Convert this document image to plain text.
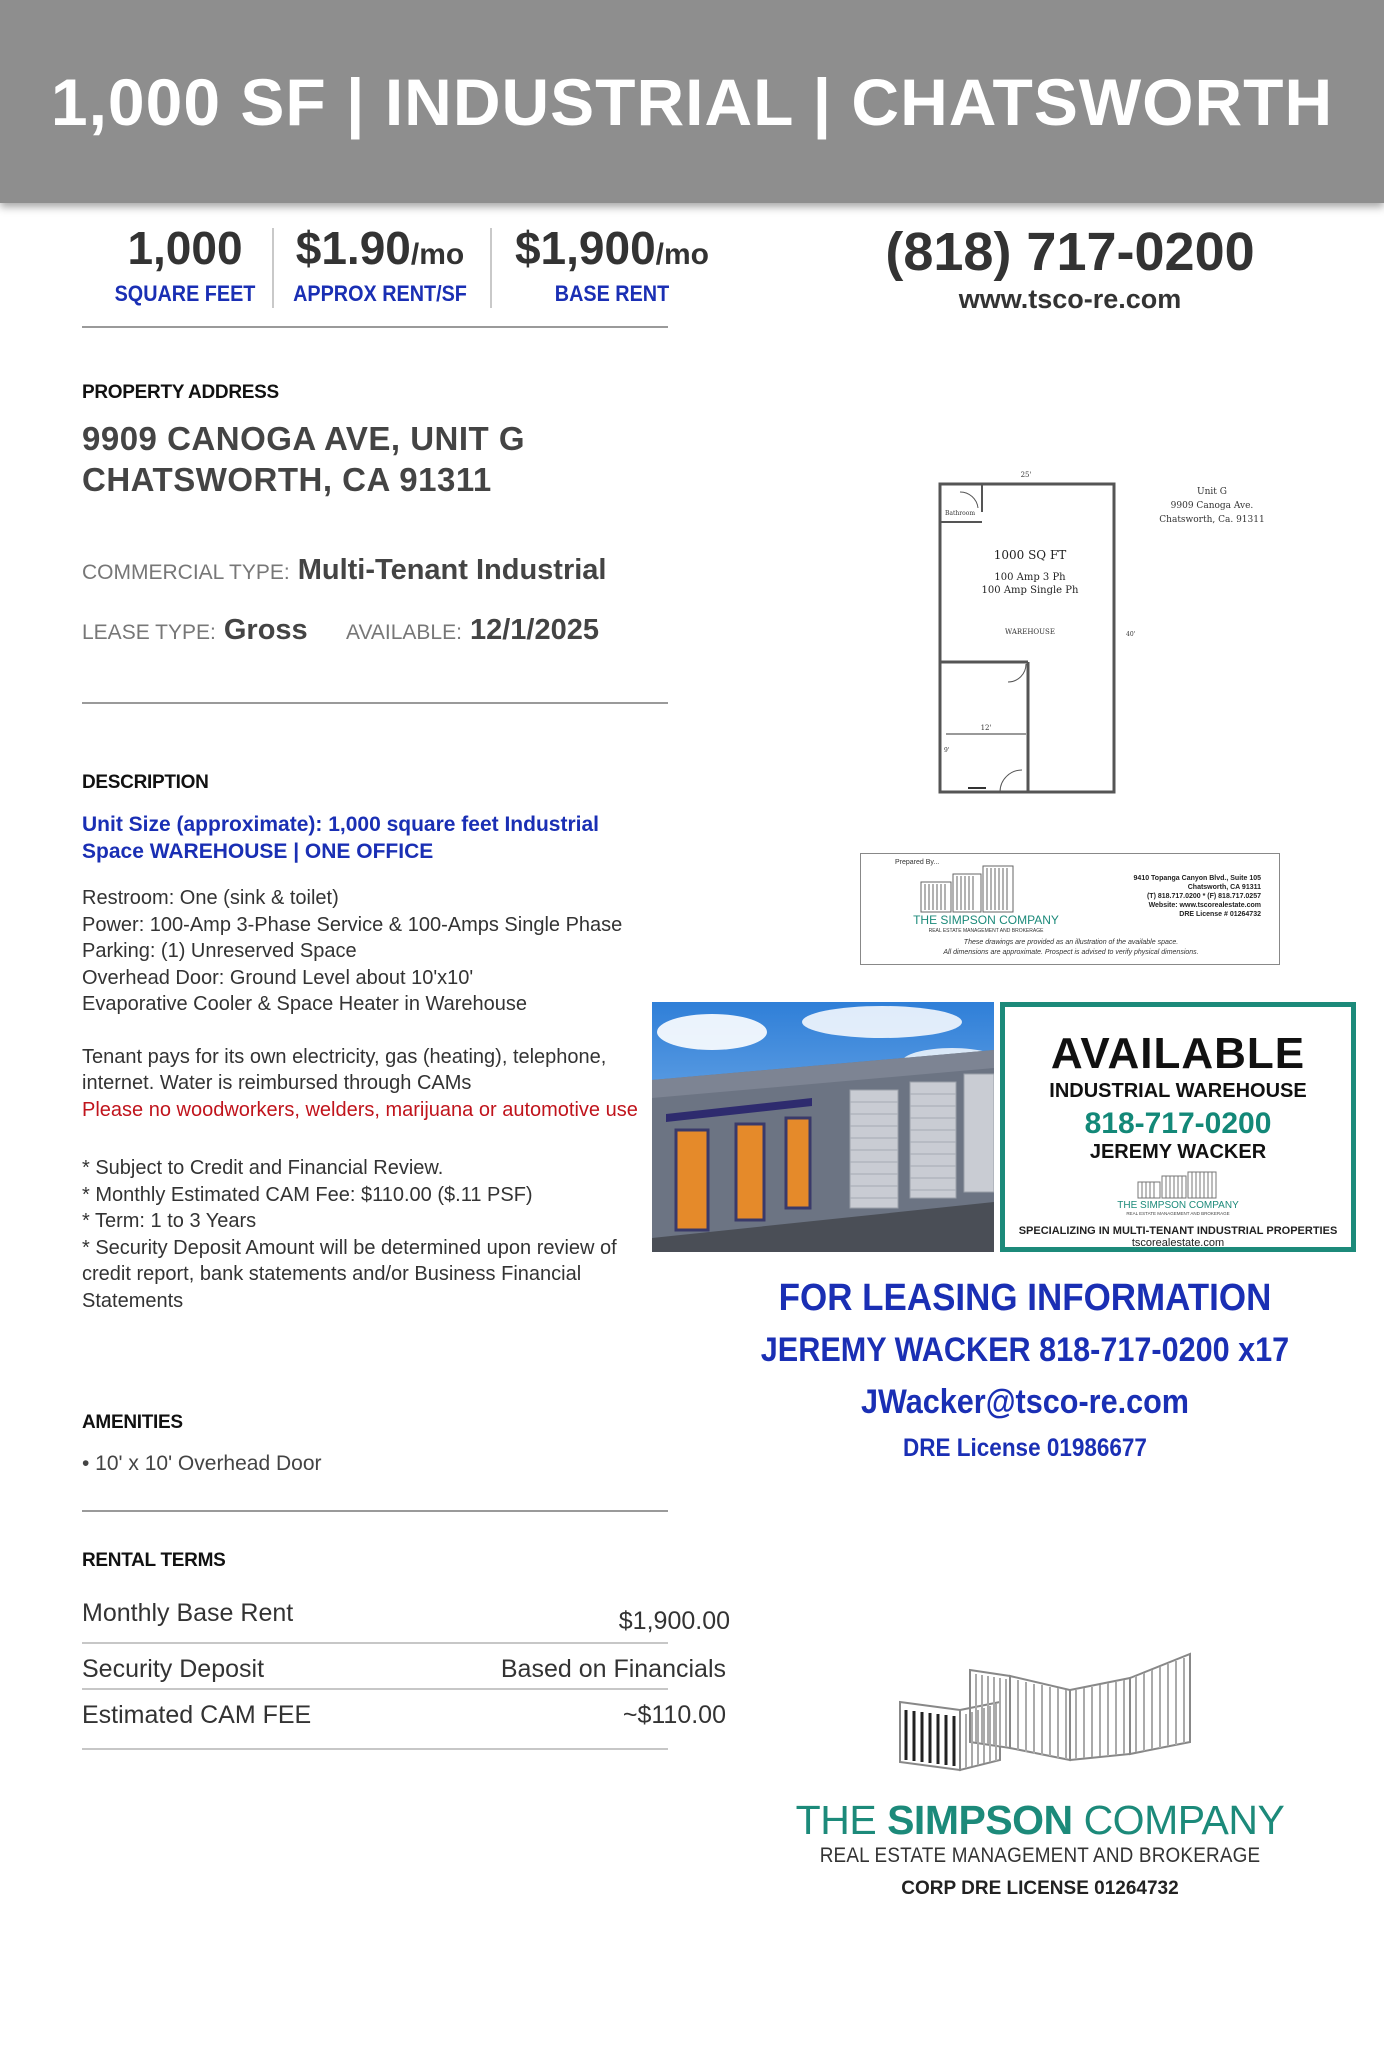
1,000 SF | INDUSTRIAL | CHATSWORTH
1,000
SQUARE FEET
$1.90/mo
APPROX RENT/SF
$1,900/mo
BASE RENT
(818) 717-0200
www.tsco-re.com
PROPERTY ADDRESS
9909 CANOGA AVE, UNIT G
CHATSWORTH, CA 91311
COMMERCIAL TYPE: Multi-Tenant Industrial
LEASE TYPE: Gross AVAILABLE: 12/1/2025
DESCRIPTION

Unit Size (approximate): 1,000 square feet Industrial

Space WAREHOUSE | ONE OFFICE

Restroom: One (sink & toilet)

Power: 100-Amp 3-Phase Service & 100-Amps Single Phase

Parking: (1) Unreserved Space

Overhead Door: Ground Level about 10'x10'

Evaporative Cooler & Space Heater in Warehouse

Tenant pays for its own electricity, gas (heating), telephone,

internet. Water is reimbursed through CAMs

Please no woodworkers, welders, marijuana or automotive use

* Subject to Credit and Financial Review.

* Monthly Estimated CAM Fee: $110.00 ($.11 PSF)

* Term: 1 to 3 Years

* Security Deposit Amount will be determined upon review of

credit report, bank statements and/or Business Financial

Statements

AMENITIES
• 10' x 10' Overhead Door
RENTAL TERMS
Monthly Base Rent	$1,900.00
Security Deposit	Based on Financials
Estimated CAM FEE	~$110.00
25'
Bathroom
1000 SQ FT
100 Amp 3 Ph
100 Amp Single Ph
WAREHOUSE	40'
12'
9'
Unit G
9909 Canoga Ave.
Chatsworth, Ca. 91311
Prepared By...
THE SIMPSON COMPANY
REAL ESTATE MANAGEMENT AND BROKERAGE
9410 Topanga Canyon Blvd., Suite 105
Chatsworth, CA 91311
(T) 818.717.0200 * (F) 818.717.0257
Website: www.tscorealestate.com
DRE License # 01264732
These drawings are provided as an illustration of the available space.
All dimensions are approximate. Prospect is advised to verify physical dimensions.
AVAILABLE
INDUSTRIAL WAREHOUSE
818-717-0200
JEREMY WACKER
THE SIMPSON COMPANY
REAL ESTATE MANAGEMENT AND BROKERAGE
SPECIALIZING IN MULTI-TENANT INDUSTRIAL PROPERTIES
tscorealestate.com
FOR LEASING INFORMATION
JEREMY WACKER 818-717-0200 x17
JWacker@tsco-re.com
DRE License 01986677
THE SIMPSON COMPANY
REAL ESTATE MANAGEMENT AND BROKERAGE
CORP DRE LICENSE 01264732
